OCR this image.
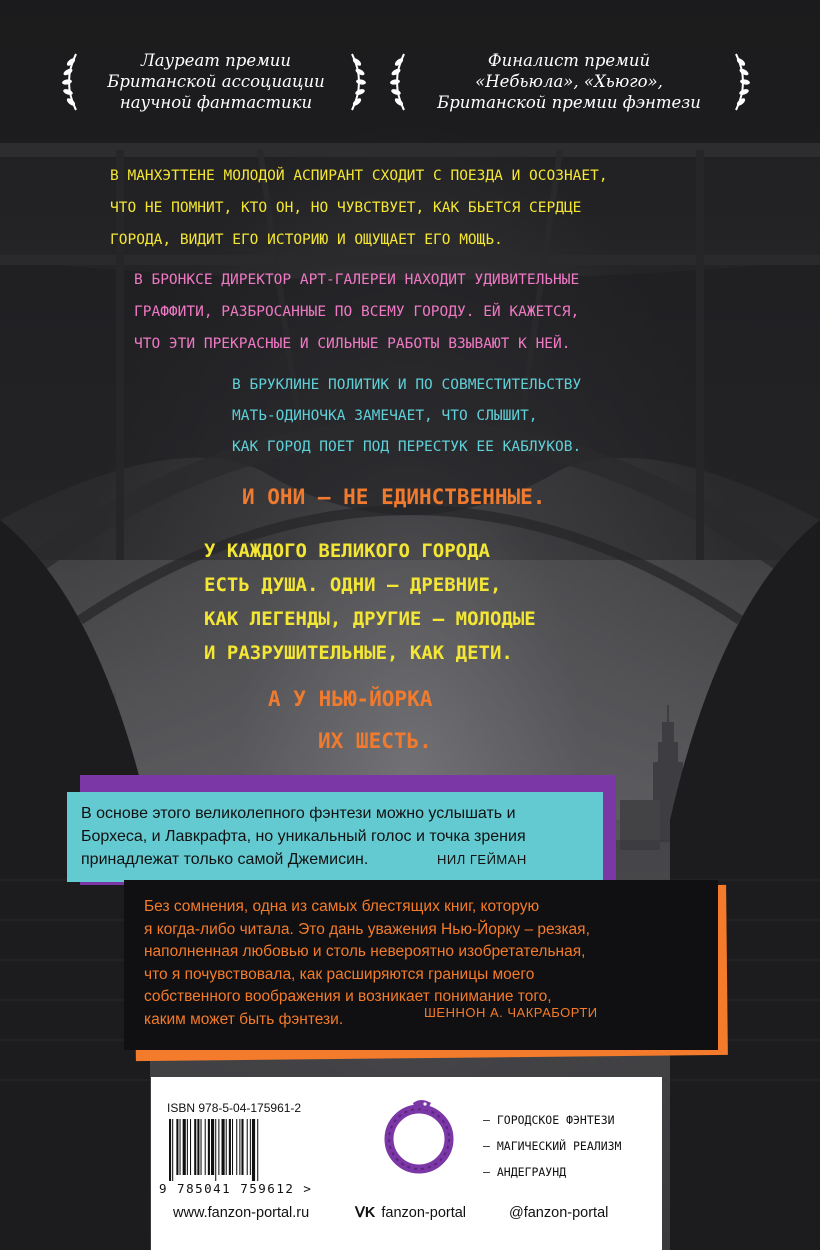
Лауреат премии

Британской ассоциации

научной фантастики

Финалист премий

«Небьюла», «Хьюго»,

Британской премии фэнтези

В МАНХЭТТЕНЕ МОЛОДОЙ АСПИРАНТ СХОДИТ С ПОЕЗДА И ОСОЗНАЕТ,

ЧТО НЕ ПОМНИТ, КТО ОН, НО ЧУВСТВУЕТ, КАК БЬЕТСЯ СЕРДЦЕ

ГОРОДА, ВИДИТ ЕГО ИСТОРИЮ И ОЩУЩАЕТ ЕГО МОЩЬ.

В БРОНКСЕ ДИРЕКТОР АРТ-ГАЛЕРЕИ НАХОДИТ УДИВИТЕЛЬНЫЕ

ГРАФФИТИ, РАЗБРОСАННЫЕ ПО ВСЕМУ ГОРОДУ. ЕЙ КАЖЕТСЯ,

ЧТО ЭТИ ПРЕКРАСНЫЕ И СИЛЬНЫЕ РАБОТЫ ВЗЫВАЮТ К НЕЙ.

В БРУКЛИНЕ ПОЛИТИК И ПО СОВМЕСТИТЕЛЬСТВУ

МАТЬ-ОДИНОЧКА ЗАМЕЧАЕТ, ЧТО СЛЫШИТ,

КАК ГОРОД ПОЕТ ПОД ПЕРЕСТУК ЕЕ КАБЛУКОВ.

И ОНИ – НЕ ЕДИНСТВЕННЫЕ.

У КАЖДОГО ВЕЛИКОГО ГОРОДА

ЕСТЬ ДУША. ОДНИ – ДРЕВНИЕ,

КАК ЛЕГЕНДЫ, ДРУГИЕ – МОЛОДЫЕ

И РАЗРУШИТЕЛЬНЫЕ, КАК ДЕТИ.

А У НЬЮ-ЙОРКА

ИХ ШЕСТЬ.

В основе этого великолепного фэнтези можно услышать и

Борхеса, и Лавкрафта, но уникальный голос и точка зрения

принадлежат только самой Джемисин.	НИЛ ГЕЙМАН

Без сомнения, одна из самых блестящих книг, которую

я когда-либо читала. Это дань уважения Нью-Йорку – резкая,

наполненная любовью и столь невероятно изобретательная,

что я почувствовала, как расширяются границы моего

собственного воображения и возникает понимание того,

каким может быть фэнтези.	ШЕННОН А. ЧАКРАБОРТИ
ISBN 978-5-04-175961-2
9 785041 759612 >

– ГОРОДСКОЕ ФЭНТЕЗИ

– МАГИЧЕСКИЙ РЕАЛИЗМ

– АНДЕГРАУНД

www.fanzon-portal.ru	ᐯK fanzon-portal	@fanzon-portal
